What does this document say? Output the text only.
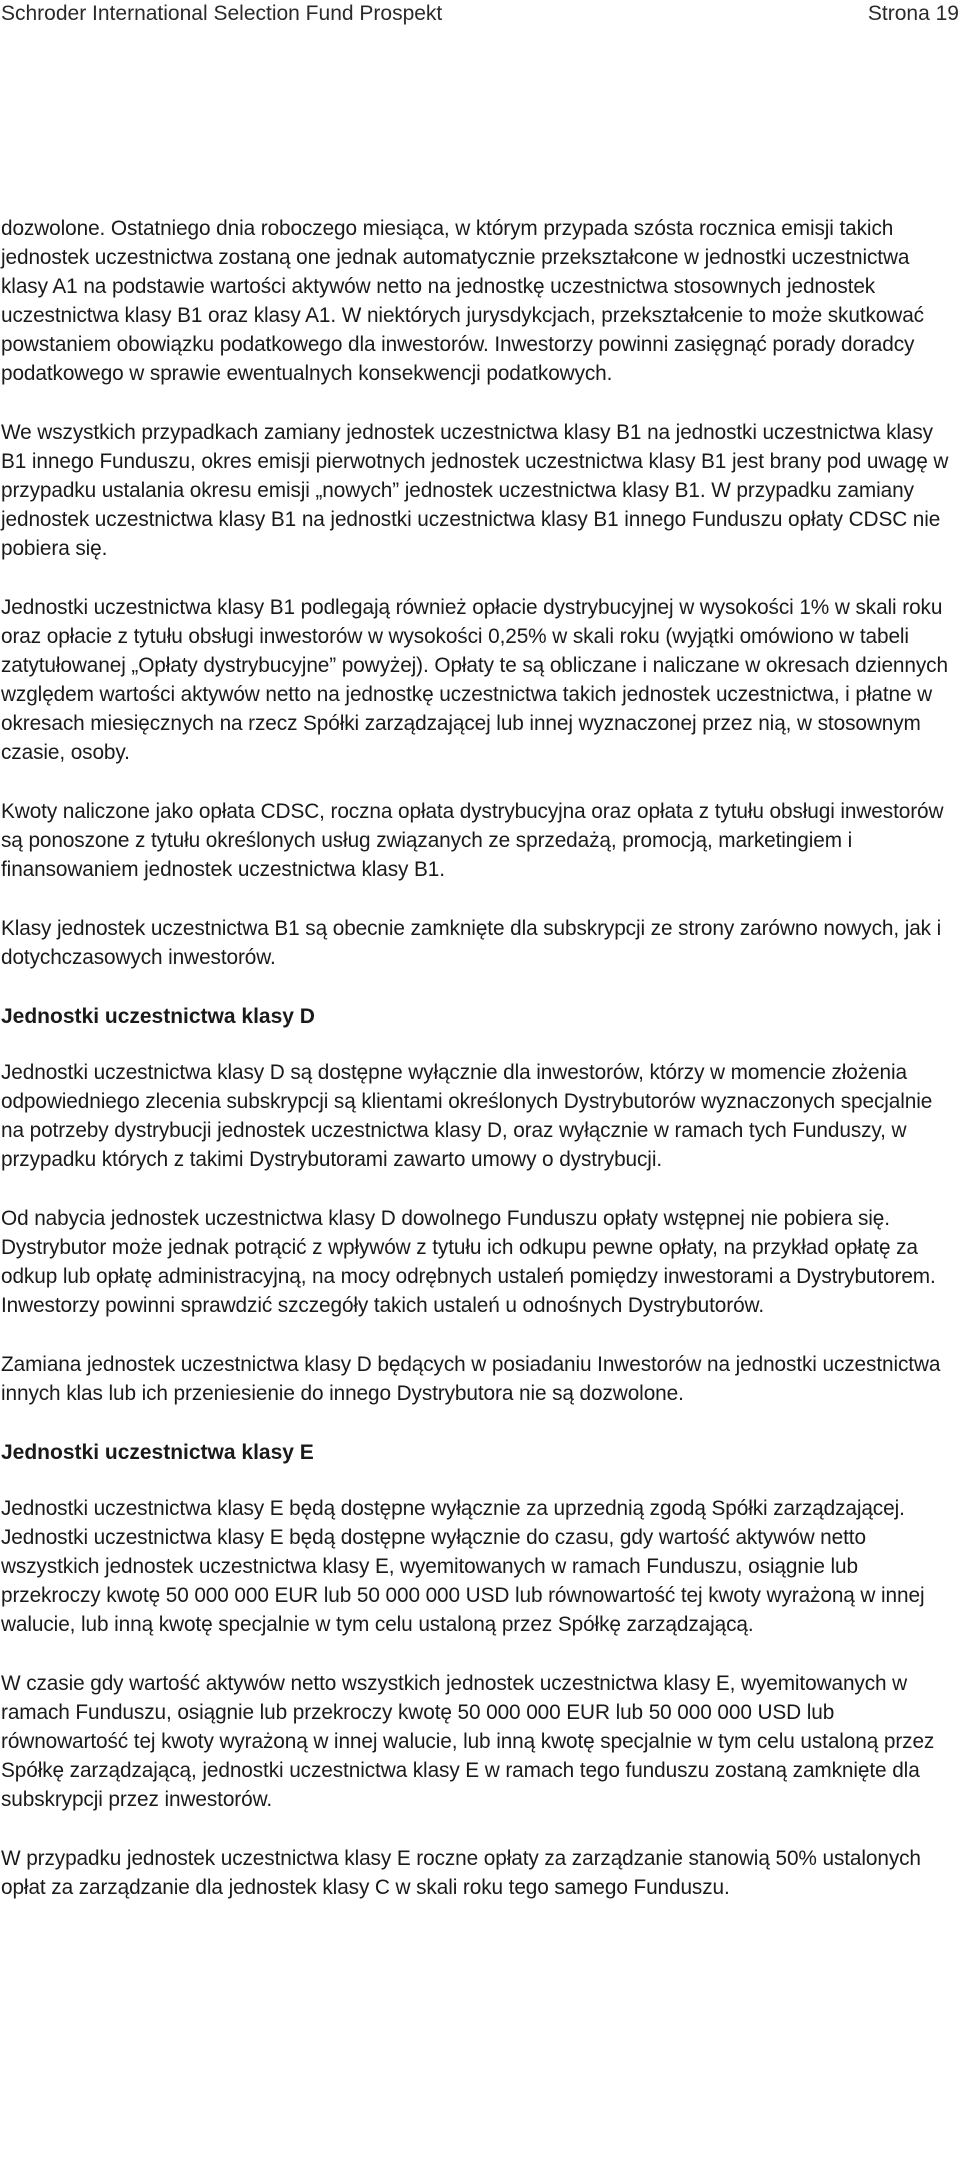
Schroder International Selection Fund Prospekt	Strona 19

dozwolone. Ostatniego dnia roboczego miesiąca, w którym przypada szósta rocznica emisji takich jednostek uczestnictwa zostaną one jednak automatycznie przekształcone w jednostki uczestnictwa klasy A1 na podstawie wartości aktywów netto na jednostkę uczestnictwa stosownych jednostek uczestnictwa klasy B1 oraz klasy A1. W niektórych jurysdykcjach, przekształcenie to może skutkować powstaniem obowiązku podatkowego dla inwestorów. Inwestorzy powinni zasięgnąć porady doradcy podatkowego w sprawie ewentualnych konsekwencji podatkowych.

We wszystkich przypadkach zamiany jednostek uczestnictwa klasy B1 na jednostki uczestnictwa klasy B1 innego Funduszu, okres emisji pierwotnych jednostek uczestnictwa klasy B1 jest brany pod uwagę w przypadku ustalania okresu emisji „nowych” jednostek uczestnictwa klasy B1. W przypadku zamiany jednostek uczestnictwa klasy B1 na jednostki uczestnictwa klasy B1 innego Funduszu opłaty CDSC nie pobiera się.

Jednostki uczestnictwa klasy B1 podlegają również opłacie dystrybucyjnej w wysokości 1% w skali roku oraz opłacie z tytułu obsługi inwestorów w wysokości 0,25% w skali roku (wyjątki omówiono w tabeli zatytułowanej „Opłaty dystrybucyjne” powyżej). Opłaty te są obliczane i naliczane w okresach dziennych względem wartości aktywów netto na jednostkę uczestnictwa takich jednostek uczestnictwa, i płatne w okresach miesięcznych na rzecz Spółki zarządzającej lub innej wyznaczonej przez nią, w stosownym czasie, osoby.

Kwoty naliczone jako opłata CDSC, roczna opłata dystrybucyjna oraz opłata z tytułu obsługi inwestorów są ponoszone z tytułu określonych usług związanych ze sprzedażą, promocją, marketingiem i finansowaniem jednostek uczestnictwa klasy B1.

Klasy jednostek uczestnictwa B1 są obecnie zamknięte dla subskrypcji ze strony zarówno nowych, jak i dotychczasowych inwestorów.

Jednostki uczestnictwa klasy D

Jednostki uczestnictwa klasy D są dostępne wyłącznie dla inwestorów, którzy w momencie złożenia odpowiedniego zlecenia subskrypcji są klientami określonych Dystrybutorów wyznaczonych specjalnie na potrzeby dystrybucji jednostek uczestnictwa klasy D, oraz wyłącznie w ramach tych Funduszy, w przypadku których z takimi Dystrybutorami zawarto umowy o dystrybucji.

Od nabycia jednostek uczestnictwa klasy D dowolnego Funduszu opłaty wstępnej nie pobiera się. Dystrybutor może jednak potrącić z wpływów z tytułu ich odkupu pewne opłaty, na przykład opłatę za odkup lub opłatę administracyjną, na mocy odrębnych ustaleń pomiędzy inwestorami a Dystrybutorem. Inwestorzy powinni sprawdzić szczegóły takich ustaleń u odnośnych Dystrybutorów.

Zamiana jednostek uczestnictwa klasy D będących w posiadaniu Inwestorów na jednostki uczestnictwa innych klas lub ich przeniesienie do innego Dystrybutora nie są dozwolone.

Jednostki uczestnictwa klasy E

Jednostki uczestnictwa klasy E będą dostępne wyłącznie za uprzednią zgodą Spółki zarządzającej. Jednostki uczestnictwa klasy E będą dostępne wyłącznie do czasu, gdy wartość aktywów netto wszystkich jednostek uczestnictwa klasy E, wyemitowanych w ramach Funduszu, osiągnie lub przekroczy kwotę 50 000 000 EUR lub 50 000 000 USD lub równowartość tej kwoty wyrażoną w innej walucie, lub inną kwotę specjalnie w tym celu ustaloną przez Spółkę zarządzającą.

W czasie gdy wartość aktywów netto wszystkich jednostek uczestnictwa klasy E, wyemitowanych w ramach Funduszu, osiągnie lub przekroczy kwotę 50 000 000 EUR lub 50 000 000 USD lub równowartość tej kwoty wyrażoną w innej walucie, lub inną kwotę specjalnie w tym celu ustaloną przez Spółkę zarządzającą, jednostki uczestnictwa klasy E w ramach tego funduszu zostaną zamknięte dla subskrypcji przez inwestorów.

W przypadku jednostek uczestnictwa klasy E roczne opłaty za zarządzanie stanowią 50% ustalonych opłat za zarządzanie dla jednostek klasy C w skali roku tego samego Funduszu.
